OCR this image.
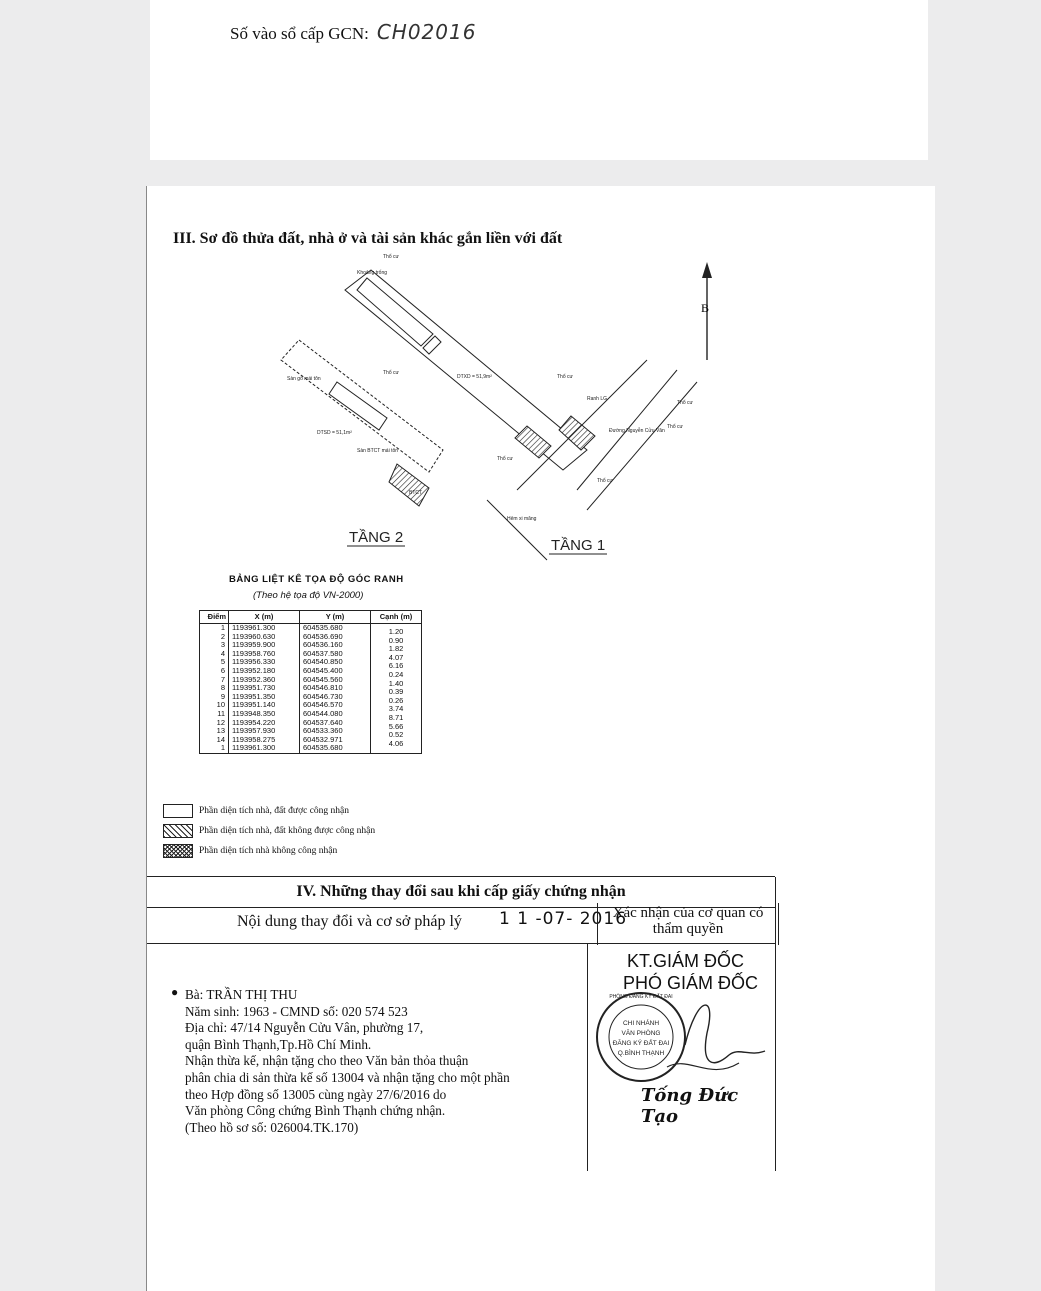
Số vào sổ cấp GCN: CH02016
III. Sơ đồ thửa đất, nhà ở và tài sản khác gắn liền với đất
B
Thổ cư
Khoảng trống
Thổ cư
Sàn gỗ mái tôn	DTXD = 51,9m²
DTSD = 51,1m²
Sàn BTCT mái tôn
Thổ cư
Ranh LG
Thổ cư
Đường Nguyễn Cửu Vân
Thổ cư
Thổ cư
Hẻm xi măng
Thổ cư
BTCT
TẦNG 2	TẦNG 1
BẢNG LIỆT KÊ TỌA ĐỘ GÓC RANH
(Theo hệ tọa độ VN-2000)
Điểm	X (m)	Y (m)	Cạnh (m)
1	1193961.300	604535.680	1.20
2	1193960.630	604536.690	0.90
3	1193959.900	604536.160	1.82
4	1193958.760	604537.580	4.07
5	1193956.330	604540.850	6.16
6	1193952.180	604545.400	0.24
7	1193952.360	604545.560	1.40
8	1193951.730	604546.810	0.39
9	1193951.350	604546.730	0.26
10	1193951.140	604546.570	3.74
11	1193948.350	604544.080	8.71
12	1193954.220	604537.640	5.66
13	1193957.930	604533.360	0.52
14	1193958.275	604532.971	4.06
1	1193961.300	604535.680	
Phần diện tích nhà, đất được công nhận
Phần diện tích nhà, đất không được công nhận
Phần diện tích nhà không công nhận
IV. Những thay đổi sau khi cấp giấy chứng nhận
Nội dung thay đổi và cơ sở pháp lý 1 1 -07- 2016
Xác nhận của cơ quan có thẩm quyền
● Bà: TRẦN THỊ THU
Năm sinh: 1963 - CMND số: 020 574 523
Địa chỉ: 47/14 Nguyễn Cửu Vân, phường 17,
quận Bình Thạnh,Tp.Hồ Chí Minh.
Nhận thừa kế, nhận tặng cho theo Văn bản thỏa thuận
phân chia di sản thừa kế số 13004 và nhận tặng cho một phần
theo Hợp đồng số 13005 cùng ngày 27/6/2016 do
Văn phòng Công chứng Bình Thạnh chứng nhận.
(Theo hồ sơ số: 026004.TK.170)
KT.GIÁM ĐỐC
PHÓ GIÁM ĐỐC
CHI NHÁNH
VĂN PHÒNG
ĐĂNG KÝ ĐẤT ĐAI
Q.BÌNH THẠNH
PHÒNG ĐĂNG KÝ ĐẤT ĐAI
Tống Đức Tạo
